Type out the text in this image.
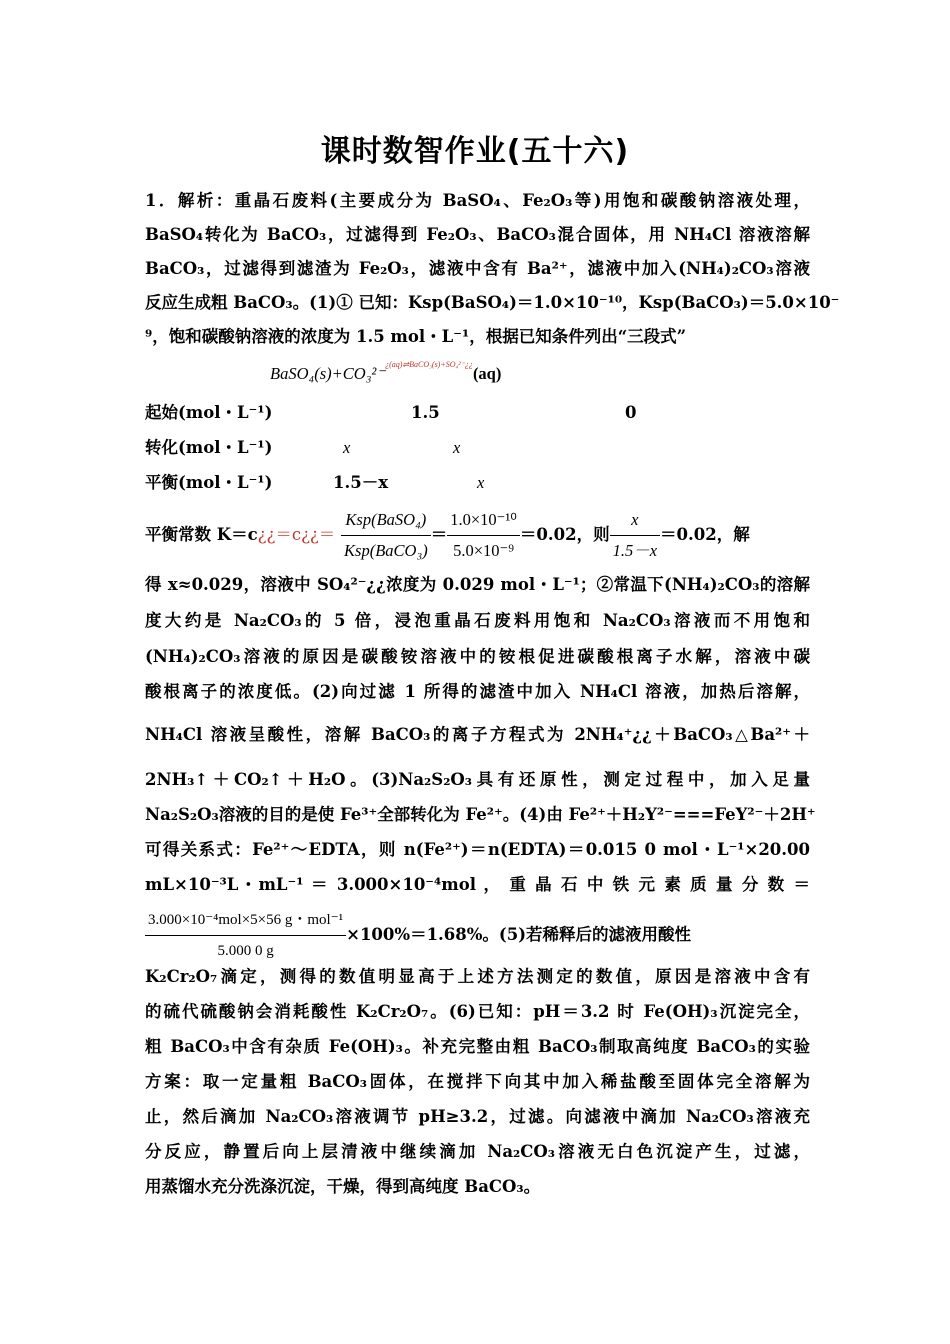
课时数智作业(五十六)
1．解析：重晶石废料(主要成分为 BaSO₄、Fe₂O₃等)用饱和碳酸钠溶液处理，
BaSO₄转化为 BaCO₃，过滤得到 Fe₂O₃、BaCO₃混合固体，用 NH₄Cl 溶液溶解
BaCO₃，过滤得到滤渣为 Fe₂O₃，滤液中含有 Ba²⁺，滤液中加入(NH₄)₂CO₃溶液
反应生成粗 BaCO₃。(1)① 已知：Ksp(BaSO₄)＝1.0×10⁻¹⁰，Ksp(BaCO₃)＝5.0×10⁻
⁹，饱和碳酸钠溶液的浓度为 1.5 mol・L⁻¹，根据已知条件列出“三段式”
BaSO₄(s)+CO₃²⁻$^{¿(aq)\rightleftharpoons BaCO_3(s)+SO_4^{2-}¿¿}$(aq)
起始(mol・L⁻¹)	1.5	0
转化(mol・L⁻¹)	x	x
平衡(mol・L⁻¹)	1.5－x	x
平衡常数 K＝c¿¿＝c¿¿＝ $\frac{\text{Ksp(BaSO₄)}}{\text{Ksp(BaCO₃)}} = \frac{\text{1.0×10⁻¹⁰}}{\text{5.0×10⁻⁹}} =0.02$，则 $\frac{x}{1.5-x} =0.02$，解
得 x≈0.029，溶液中 SO₄²⁻¿¿浓度为 0.029 mol・L⁻¹；②常温下(NH₄)₂CO₃的溶解
度大约是 Na₂CO₃的 5 倍，浸泡重晶石废料用饱和 Na₂CO₃溶液而不用饱和
(NH₄)₂CO₃溶液的原因是碳酸铵溶液中的铵根促进碳酸根离子水解，溶液中碳
酸根离子的浓度低。(2)向过滤 1 所得的滤渣中加入 NH₄Cl 溶液，加热后溶解，
NH₄Cl 溶液呈酸性，溶解 BaCO₃的离子方程式为 2NH₄⁺¿¿＋BaCO₃△Ba²⁺＋
2NH₃↑＋CO₂↑＋H₂O。(3)Na₂S₂O₃具有还原性，测定过程中，加入足量
Na₂S₂O₃溶液的目的是使 Fe³⁺全部转化为 Fe²⁺。(4)由 Fe²⁺＋H₂Y²⁻===FeY²⁻＋2H⁺
可得关系式：Fe²⁺～EDTA，则 n(Fe²⁺)＝n(EDTA)＝0.015 0 mol・L⁻¹×20.00
mL×10⁻³L・mL⁻¹ ＝ 3.000×10⁻⁴mol ， 重 晶 石 中 铁 元 素 质 量 分 数 ＝
$\frac{\text{3.000×10⁻⁴mol×5×56 g・mol⁻¹}}{5.000 0 g} \times 100\%=1.68\%$。(5)若稀释后的滤液用酸性
K₂Cr₂O₇滴定，测得的数值明显高于上述方法测定的数值，原因是溶液中含有
的硫代硫酸钠会消耗酸性 K₂Cr₂O₇。(6)已知：pH＝3.2 时 Fe(OH)₃沉淀完全，
粗 BaCO₃中含有杂质 Fe(OH)₃。补充完整由粗 BaCO₃制取高纯度 BaCO₃的实验
方案：取一定量粗 BaCO₃固体，在搅拌下向其中加入稀盐酸至固体完全溶解为
止，然后滴加 Na₂CO₃溶液调节 pH≥3.2，过滤。向滤液中滴加 Na₂CO₃溶液充
分反应，静置后向上层清液中继续滴加 Na₂CO₃溶液无白色沉淀产生，过滤，
用蒸馏水充分洗涤沉淀，干燥，得到高纯度 BaCO₃。
